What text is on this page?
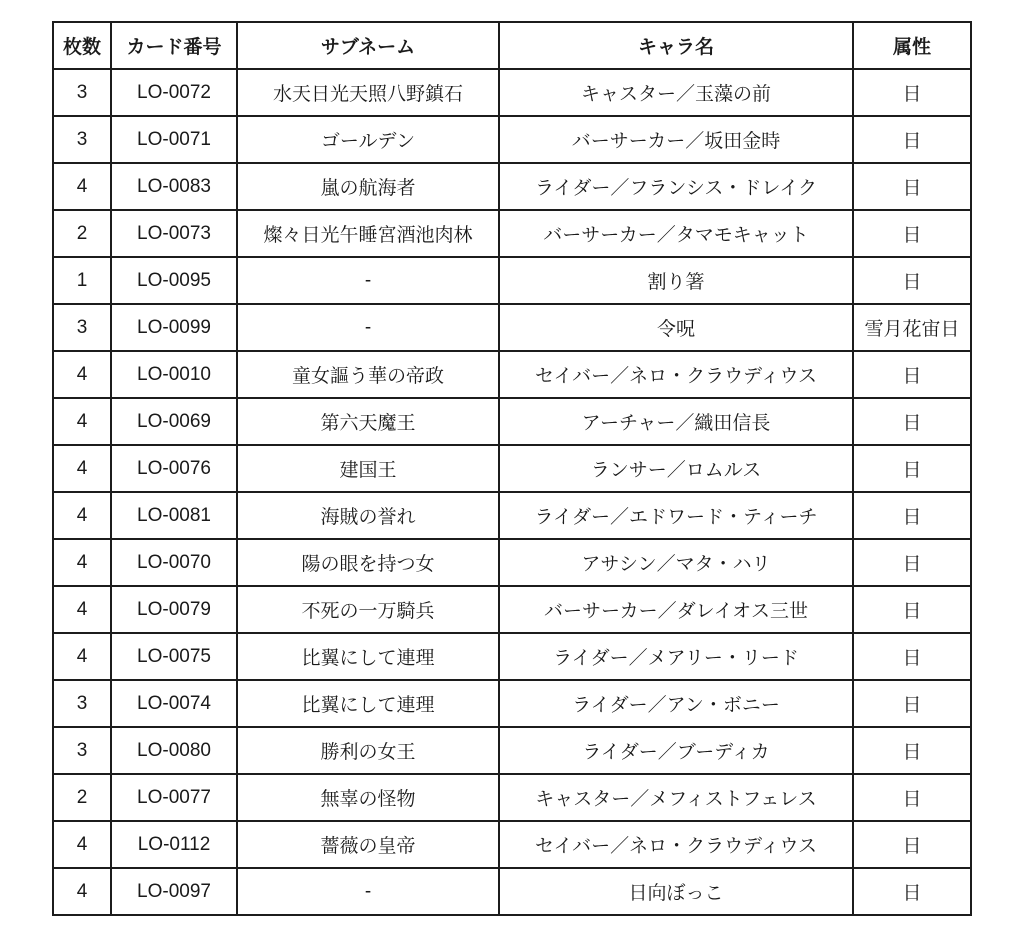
枚数	カード番号	サブネーム	キャラ名	属性
3	LO-0072	水天日光天照八野鎮石	キャスター／玉藻の前	日
3	LO-0071	ゴールデン	バーサーカー／坂田金時	日
4	LO-0083	嵐の航海者	ライダー／フランシス・ドレイク	日
2	LO-0073	燦々日光午睡宮酒池肉林	バーサーカー／タマモキャット	日
1	LO-0095	-	割り箸	日
3	LO-0099	-	令呪	雪月花宙日
4	LO-0010	童女謳う華の帝政	セイバー／ネロ・クラウディウス	日
4	LO-0069	第六天魔王	アーチャー／織田信長	日
4	LO-0076	建国王	ランサー／ロムルス	日
4	LO-0081	海賊の誉れ	ライダー／エドワード・ティーチ	日
4	LO-0070	陽の眼を持つ女	アサシン／マタ・ハリ	日
4	LO-0079	不死の一万騎兵	バーサーカー／ダレイオス三世	日
4	LO-0075	比翼にして連理	ライダー／メアリー・リード	日
3	LO-0074	比翼にして連理	ライダー／アン・ボニー	日
3	LO-0080	勝利の女王	ライダー／ブーディカ	日
2	LO-0077	無辜の怪物	キャスター／メフィストフェレス	日
4	LO-0112	薔薇の皇帝	セイバー／ネロ・クラウディウス	日
4	LO-0097	-	日向ぼっこ	日
